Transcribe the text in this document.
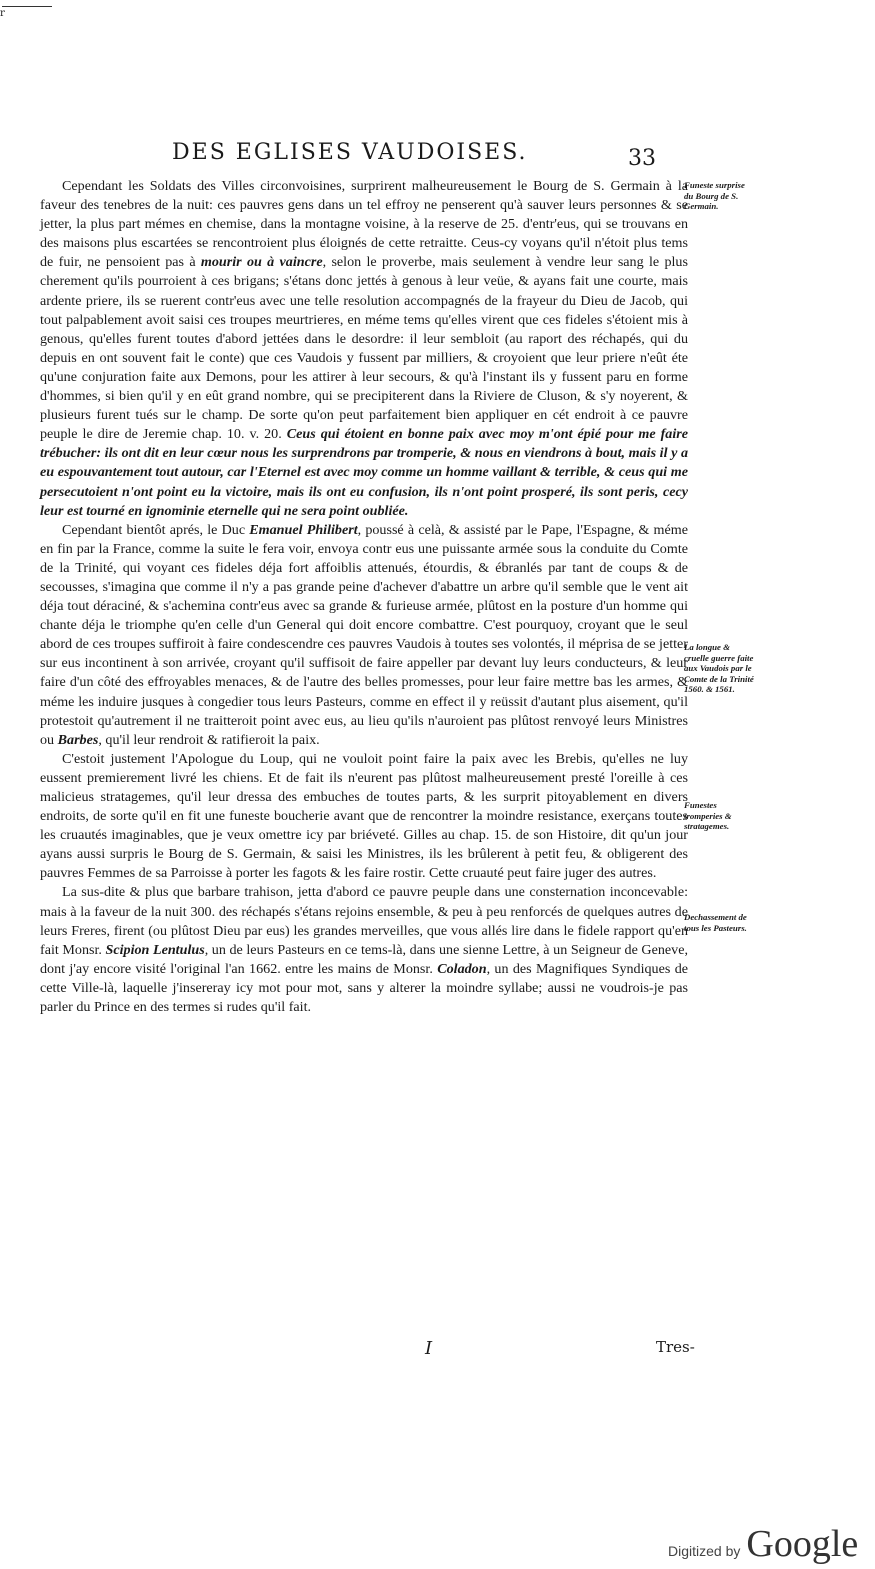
r
DES EGLISES VAUDOISES.	33

Cependant les Soldats des Villes circonvoisines, surprirent malheureusement le Bourg de S. Germain à la faveur des tenebres de la nuit: ces pauvres gens dans un tel effroy ne penserent qu'à sauver leurs personnes & se jetter, la plus part mémes en chemise, dans la montagne voisine, à la reserve de 25. d'entr'eus, qui se trouvans en des maisons plus escartées se rencontroient plus éloignés de cette retraitte. Ceus-cy voyans qu'il n'étoit plus tems de fuir, ne pensoient pas à mourir ou à vaincre, selon le proverbe, mais seulement à vendre leur sang le plus cherement qu'ils pourroient à ces brigans; s'étans donc jettés à genous à leur veüe, & ayans fait une courte, mais ardente priere, ils se ruerent contr'eus avec une telle resolution accompagnés de la frayeur du Dieu de Jacob, qui tout palpablement avoit saisi ces troupes meurtrieres, en méme tems qu'elles virent que ces fideles s'étoient mis à genous, qu'elles furent toutes d'abord jettées dans le desordre: il leur sembloit (au raport des réchapés, qui du depuis en ont souvent fait le conte) que ces Vaudois y fussent par milliers, & croyoient que leur priere n'eût éte qu'une conjuration faite aux Demons, pour les attirer à leur secours, & qu'à l'instant ils y fussent paru en forme d'hommes, si bien qu'il y en eût grand nombre, qui se precipiterent dans la Riviere de Cluson, & s'y noyerent, & plusieurs furent tués sur le champ. De sorte qu'on peut parfaitement bien appliquer en cét endroit à ce pauvre peuple le dire de Jeremie chap. 10. v. 20. Ceus qui étoient en bonne paix avec moy m'ont épié pour me faire trébucher: ils ont dit en leur cœur nous les surprendrons par tromperie, & nous en viendrons à bout, mais il y a eu espouvantement tout autour, car l'Eternel est avec moy comme un homme vaillant & terrible, & ceus qui me persecutoient n'ont point eu la victoire, mais ils ont eu confusion, ils n'ont point prosperé, ils sont peris, cecy leur est tourné en ignominie eternelle qui ne sera point oubliée.

Cependant bientôt aprés, le Duc Emanuel Philibert, poussé à celà, & assisté par le Pape, l'Espagne, & méme en fin par la France, comme la suite le fera voir, envoya contr eus une puissante armée sous la conduite du Comte de la Trinité, qui voyant ces fideles déja fort affoiblis attenués, étourdis, & ébranlés par tant de coups & de secousses, s'imagina que comme il n'y a pas grande peine d'achever d'abattre un arbre qu'il semble que le vent ait déja tout déraciné, & s'achemina contr'eus avec sa grande & furieuse armée, plûtost en la posture d'un homme qui chante déja le triomphe qu'en celle d'un General qui doit encore combattre. C'est pourquoy, croyant que le seul abord de ces troupes suffiroit à faire condescendre ces pauvres Vaudois à toutes ses volontés, il méprisa de se jetter sur eus incontinent à son arrivée, croyant qu'il suffisoit de faire appeller par devant luy leurs conducteurs, & leur faire d'un côté des effroyables menaces, & de l'autre des belles promesses, pour leur faire mettre bas les armes, & méme les induire jusques à congedier tous leurs Pasteurs, comme en effect il y reüssit d'autant plus aisement, qu'il protestoit qu'autrement il ne traitteroit point avec eus, au lieu qu'ils n'auroient pas plûtost renvoyé leurs Ministres ou Barbes, qu'il leur rendroit & ratifieroit la paix.

C'estoit justement l'Apologue du Loup, qui ne vouloit point faire la paix avec les Brebis, qu'elles ne luy eussent premierement livré les chiens. Et de fait ils n'eurent pas plûtost malheureusement presté l'oreille à ces malicieus stratagemes, qu'il leur dressa des embuches de toutes parts, & les surprit pitoyablement en divers endroits, de sorte qu'il en fit une funeste boucherie avant que de rencontrer la moindre resistance, exerçans toutes les cruautés imaginables, que je veux omettre icy par briéveté. Gilles au chap. 15. de son Histoire, dit qu'un jour ayans aussi surpris le Bourg de S. Germain, & saisi les Ministres, ils les brûlerent à petit feu, & obligerent des pauvres Femmes de sa Parroisse à porter les fagots & les faire rostir. Cette cruauté peut faire juger des autres.

La sus-dite & plus que barbare trahison, jetta d'abord ce pauvre peuple dans une consternation inconcevable: mais à la faveur de la nuit 300. des réchapés s'étans rejoins ensemble, & peu à peu renforcés de quelques autres de leurs Freres, firent (ou plûtost Dieu par eus) les grandes merveilles, que vous allés lire dans le fidele rapport qu'en fait Monsr. Scipion Lentulus, un de leurs Pasteurs en ce tems-là, dans une sienne Lettre, à un Seigneur de Geneve, dont j'ay encore visité l'original l'an 1662. entre les mains de Monsr. Coladon, un des Magnifiques Syndiques de cette Ville-là, laquelle j'insereray icy mot pour mot, sans y alterer la moindre syllabe; aussi ne voudrois-je pas parler du Prince en des termes si rudes qu'il fait.

Funeste surprise du Bourg de S. Germain.
La longue & cruelle guerre faite aux Vaudois par le Comte de la Trinité 1560. & 1561.
Funestes tromperies & stratagemes.
Dechassement de tous les Pasteurs.
I	Tres-
Digitized by Google
